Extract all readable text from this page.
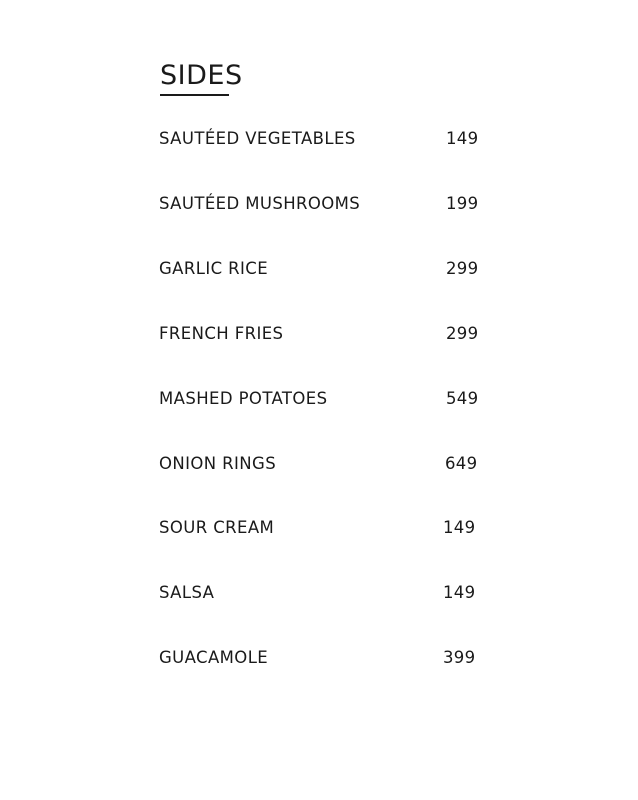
SIDES
SAUTÉED VEGETABLES	149
SAUTÉED MUSHROOMS	199
GARLIC RICE	299
FRENCH FRIES	299
MASHED POTATOES	549
ONION RINGS	649
SOUR CREAM	149
SALSA	149
GUACAMOLE	399
